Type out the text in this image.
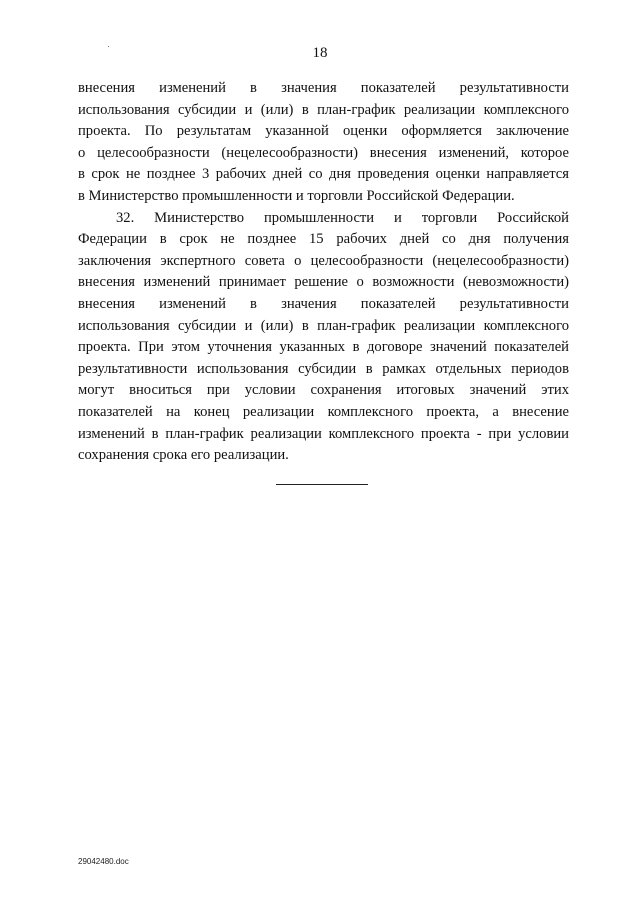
18

внесения изменений в значения показателей результативности
использования субсидии и (или) в план-график реализации комплексного
проекта. По результатам указанной оценки оформляется заключение
о целесообразности (нецелесообразности) внесения изменений, которое
в срок не позднее 3 рабочих дней со дня проведения оценки направляется
в Министерство промышленности и торговли Российской Федерации.

32. Министерство промышленности и торговли Российской
Федерации в срок не позднее 15 рабочих дней со дня получения
заключения экспертного совета о целесообразности (нецелесообразности)
внесения изменений принимает решение о возможности (невозможности)
внесения изменений в значения показателей результативности
использования субсидии и (или) в план-график реализации комплексного
проекта. При этом уточнения указанных в договоре значений показателей
результативности использования субсидии в рамках отдельных периодов
могут вноситься при условии сохранения итоговых значений этих
показателей на конец реализации комплексного проекта, а внесение
изменений в план-график реализации комплексного проекта - при условии
сохранения срока его реализации.

29042480.doc
